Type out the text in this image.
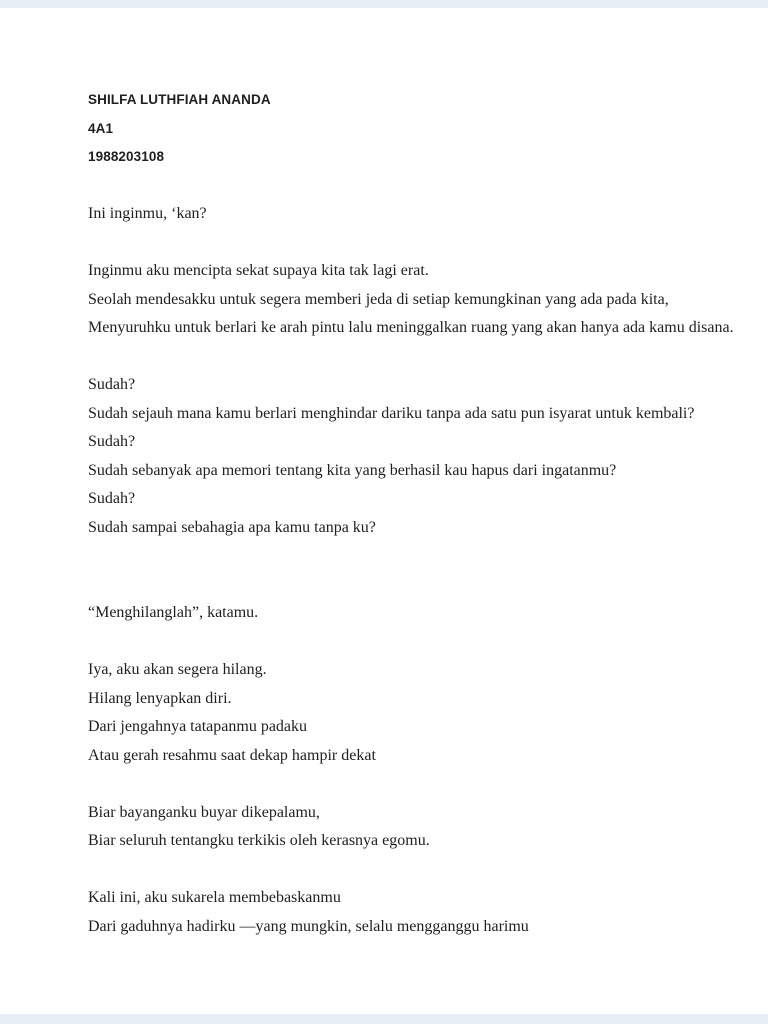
SHILFA LUTHFIAH ANANDA

4A1

1988203108

Ini inginmu, ‘kan?

Inginmu aku mencipta sekat supaya kita tak lagi erat.

Seolah mendesakku untuk segera memberi jeda di setiap kemungkinan yang ada pada kita,

Menyuruhku untuk berlari ke arah pintu lalu meninggalkan ruang yang akan hanya ada kamu disana.

Sudah?

Sudah sejauh mana kamu berlari menghindar dariku tanpa ada satu pun isyarat untuk kembali?

Sudah?

Sudah sebanyak apa memori tentang kita yang berhasil kau hapus dari ingatanmu?

Sudah?

Sudah sampai sebahagia apa kamu tanpa ku?

“Menghilanglah”, katamu.

Iya, aku akan segera hilang.

Hilang lenyapkan diri.

Dari jengahnya tatapanmu padaku

Atau gerah resahmu saat dekap hampir dekat

Biar bayanganku buyar dikepalamu,

Biar seluruh tentangku terkikis oleh kerasnya egomu.

Kali ini, aku sukarela membebaskanmu

Dari gaduhnya hadirku —yang mungkin, selalu mengganggu harimu
